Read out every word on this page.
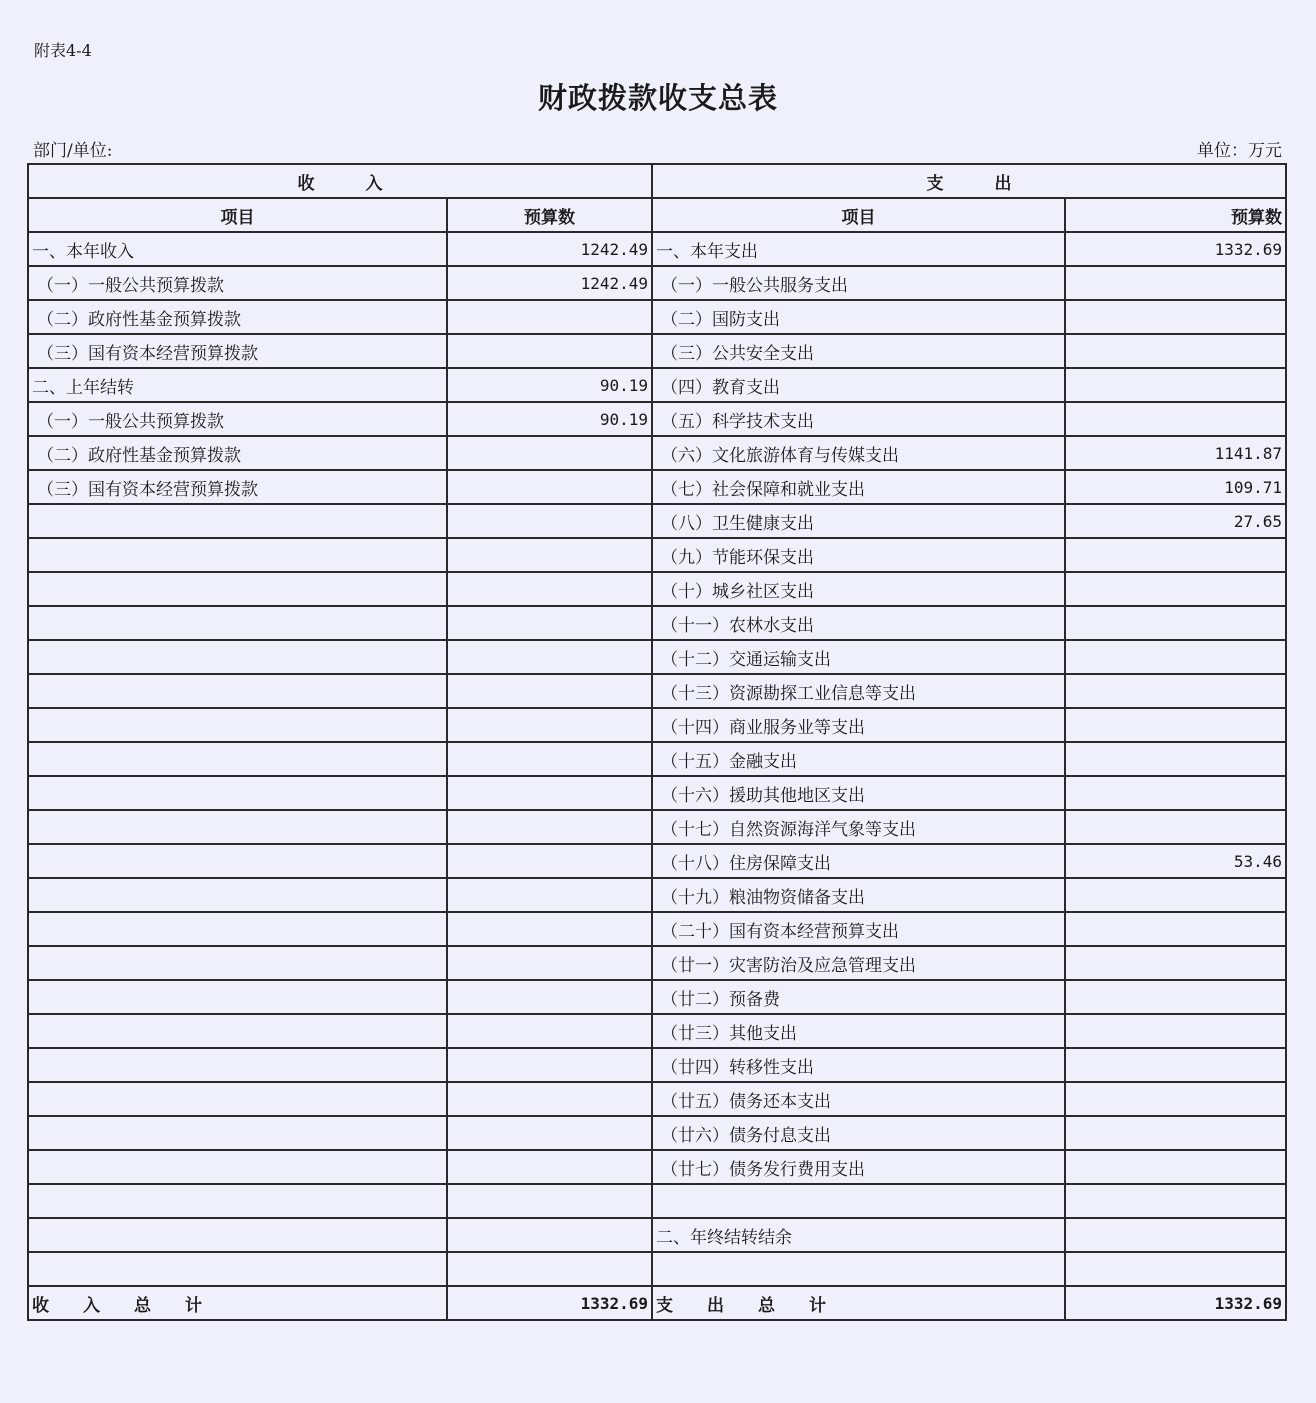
附表4-4
财政拨款收支总表
部门/单位:	单位：万元
收　　　入		支　　　出	
项目	预算数	项目	预算数
一、本年收入	1242.49	一、本年支出	1332.69
（一）一般公共预算拨款	1242.49	（一）一般公共服务支出	
（二）政府性基金预算拨款		（二）国防支出	
（三）国有资本经营预算拨款		（三）公共安全支出	
二、上年结转	90.19	（四）教育支出	
（一）一般公共预算拨款	90.19	（五）科学技术支出	
（二）政府性基金预算拨款		（六）文化旅游体育与传媒支出	1141.87
（三）国有资本经营预算拨款		（七）社会保障和就业支出	109.71
		（八）卫生健康支出	27.65
		（九）节能环保支出	
		（十）城乡社区支出	
		（十一）农林水支出	
		（十二）交通运输支出	
		（十三）资源勘探工业信息等支出	
		（十四）商业服务业等支出	
		（十五）金融支出	
		（十六）援助其他地区支出	
		（十七）自然资源海洋气象等支出	
		（十八）住房保障支出	53.46
		（十九）粮油物资储备支出	
		（二十）国有资本经营预算支出	
		（廿一）灾害防治及应急管理支出	
		（廿二）预备费	
		（廿三）其他支出	
		（廿四）转移性支出	
		（廿五）债务还本支出	
		（廿六）债务付息支出	
		（廿七）债务发行费用支出	

		二、年终结转结余	

收　　入　　总　　计	1332.69	支　　出　　总　　计	1332.69
